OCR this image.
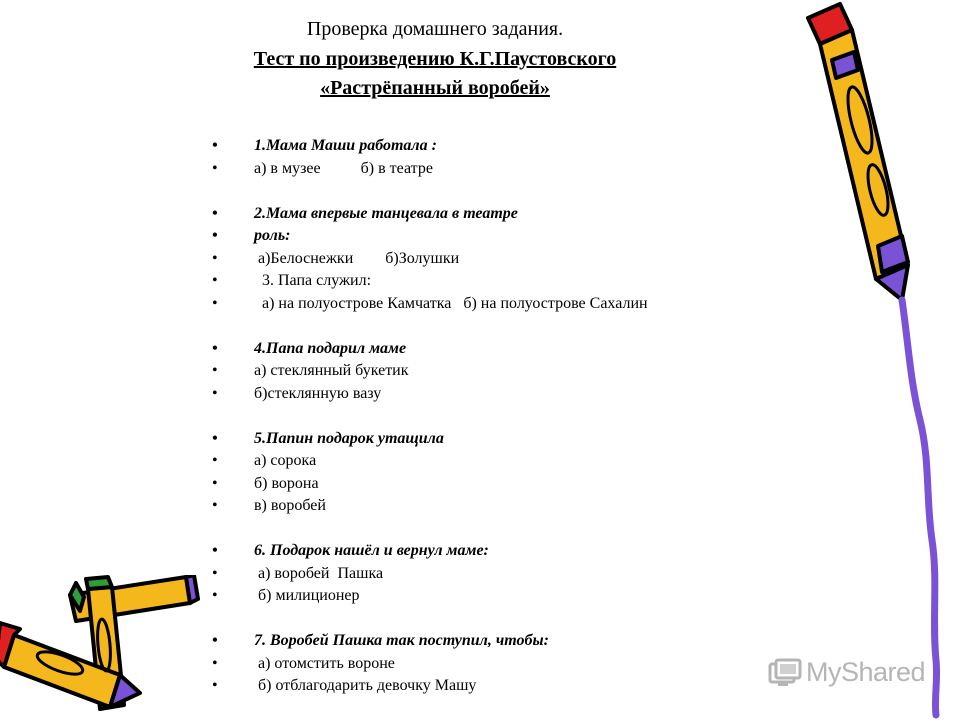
Проверка домашнего задания.
Тест по произведению К.Г.Паустовского
«Растрёпанный воробей»
• 1.Мама Маши работала :
• а) в музее          б) в театре
• 2.Мама впервые танцевала в театре
• роль:
•  а)Белоснежки        б)Золушки
•   3. Папа служил:
•   а) на полуострове Камчатка   б) на полуострове Сахалин
• 4.Папа подарил маме
• а) стеклянный букетик
• б)стеклянную вазу
• 5.Папин подарок утащила
• а) сорока
• б) ворона
• в) воробей
• 6. Подарок нашёл и вернул маме:
•  а) воробей  Пашка
•  б) милиционер
• 7. Воробей Пашка так поступил, чтобы:
•  а) отомстить вороне
•  б) отблагодарить девочку Машу	MyShared
